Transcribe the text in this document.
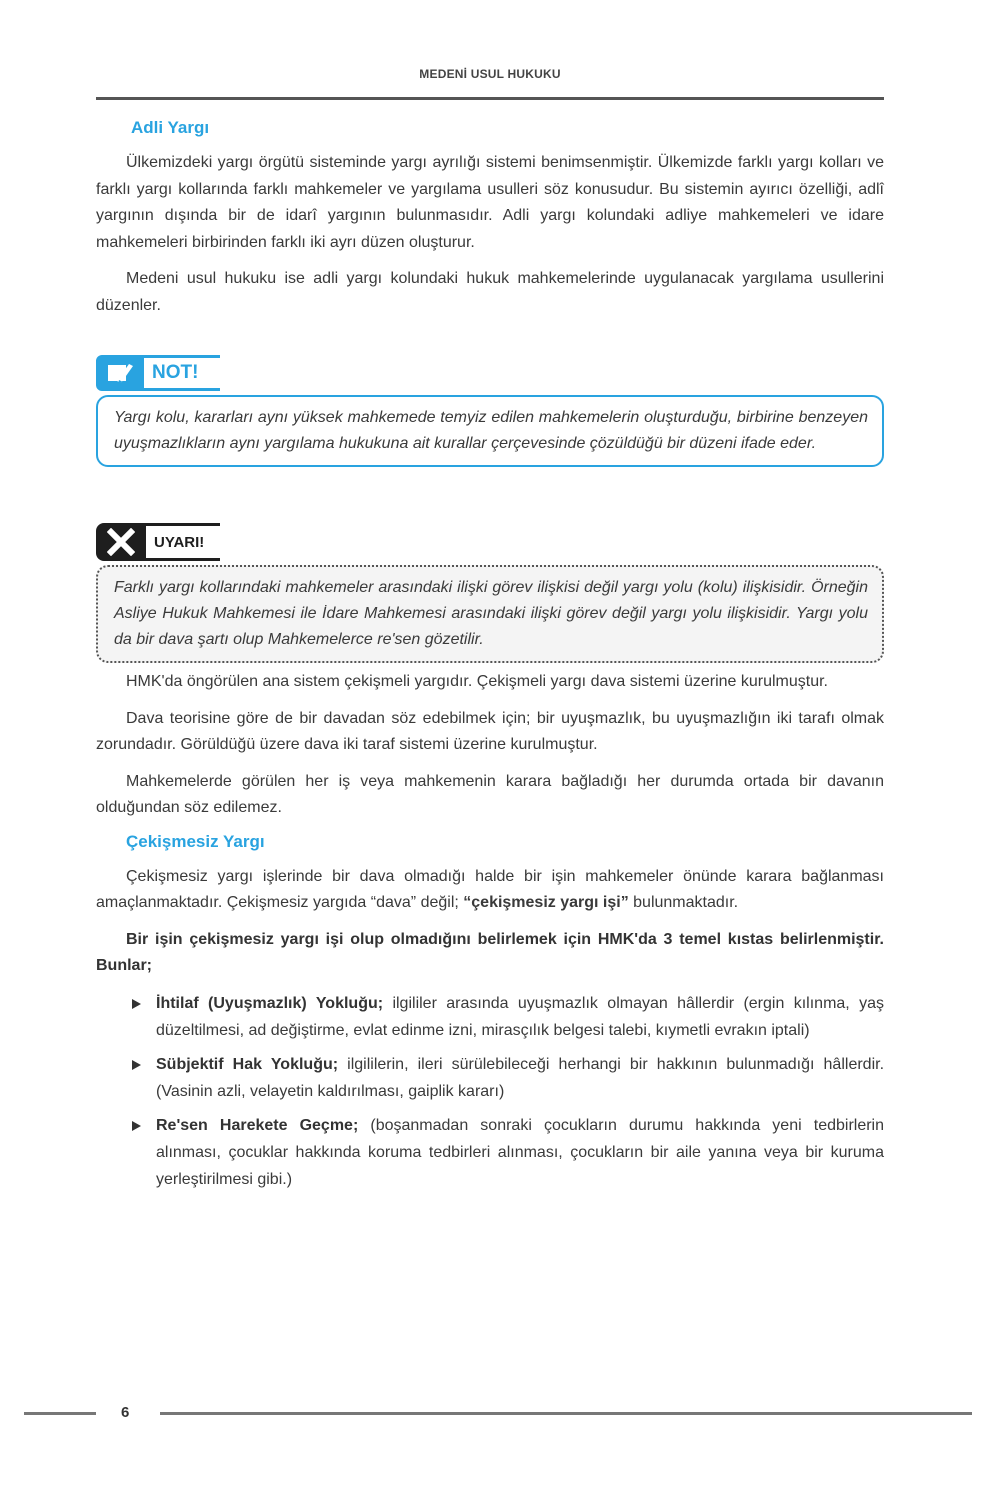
MEDENİ USUL HUKUKU
Adli Yargı

Ülkemizdeki yargı örgütü sisteminde yargı ayrılığı sistemi benimsenmiştir. Ülkemizde farklı yargı kolları ve farklı yargı kollarında farklı mahkemeler ve yargılama usulleri söz konusudur. Bu sistemin ayırıcı özelliği, adlî yargının dışında bir de idarî yargının bulunmasıdır. Adli yargı kolundaki adliye mahkemeleri ve idare mahkemeleri birbirinden farklı iki ayrı düzen oluşturur.

Medeni usul hukuku ise adli yargı kolundaki hukuk mahkemelerinde uygulanacak yargılama usullerini düzenler.

NOT!
Yargı kolu, kararları aynı yüksek mahkemede temyiz edilen mahkemelerin oluşturduğu, birbirine benzeyen uyuşmazlıkların aynı yargılama hukukuna ait kurallar çerçevesinde çözüldüğü bir düzeni ifade eder.
UYARI!
Farklı yargı kollarındaki mahkemeler arasındaki ilişki görev ilişkisi değil yargı yolu (kolu) ilişkisidir. Örneğin Asliye Hukuk Mahkemesi ile İdare Mahkemesi arasındaki ilişki görev değil yargı yolu ilişkisidir. Yargı yolu da bir dava şartı olup Mahkemelerce re'sen gözetilir.

HMK'da öngörülen ana sistem çekişmeli yargıdır. Çekişmeli yargı dava sistemi üzerine kurulmuştur.

Dava teorisine göre de bir davadan söz edebilmek için; bir uyuşmazlık, bu uyuşmazlığın iki tarafı olmak zorundadır. Görüldüğü üzere dava iki taraf sistemi üzerine kurulmuştur.

Mahkemelerde görülen her iş veya mahkemenin karara bağladığı her durumda ortada bir davanın olduğundan söz edilemez.

Çekişmesiz Yargı

Çekişmesiz yargı işlerinde bir dava olmadığı halde bir işin mahkemeler önünde karara bağlanması amaçlanmaktadır. Çekişmesiz yargıda “dava” değil; “çekişmesiz yargı işi” bulunmaktadır.

Bir işin çekişmesiz yargı işi olup olmadığını belirlemek için HMK'da 3 temel kıstas belirlenmiştir. Bunlar;

İhtilaf (Uyuşmazlık) Yokluğu; ilgililer arasında uyuşmazlık olmayan hâllerdir (ergin kılınma, yaş düzeltilmesi, ad değiştirme, evlat edinme izni, mirasçılık belgesi talebi, kıymetli evrakın iptali)
Sübjektif Hak Yokluğu; ilgililerin, ileri sürülebileceği herhangi bir hakkının bulunmadığı hâllerdir. (Vasinin azli, velayetin kaldırılması, gaiplik kararı)
Re'sen Harekete Geçme; (boşanmadan sonraki çocukların durumu hakkında yeni tedbirlerin alınması, çocuklar hakkında koruma tedbirleri alınması, çocukların bir aile yanına veya bir kuruma yerleştirilmesi gibi.)
6
